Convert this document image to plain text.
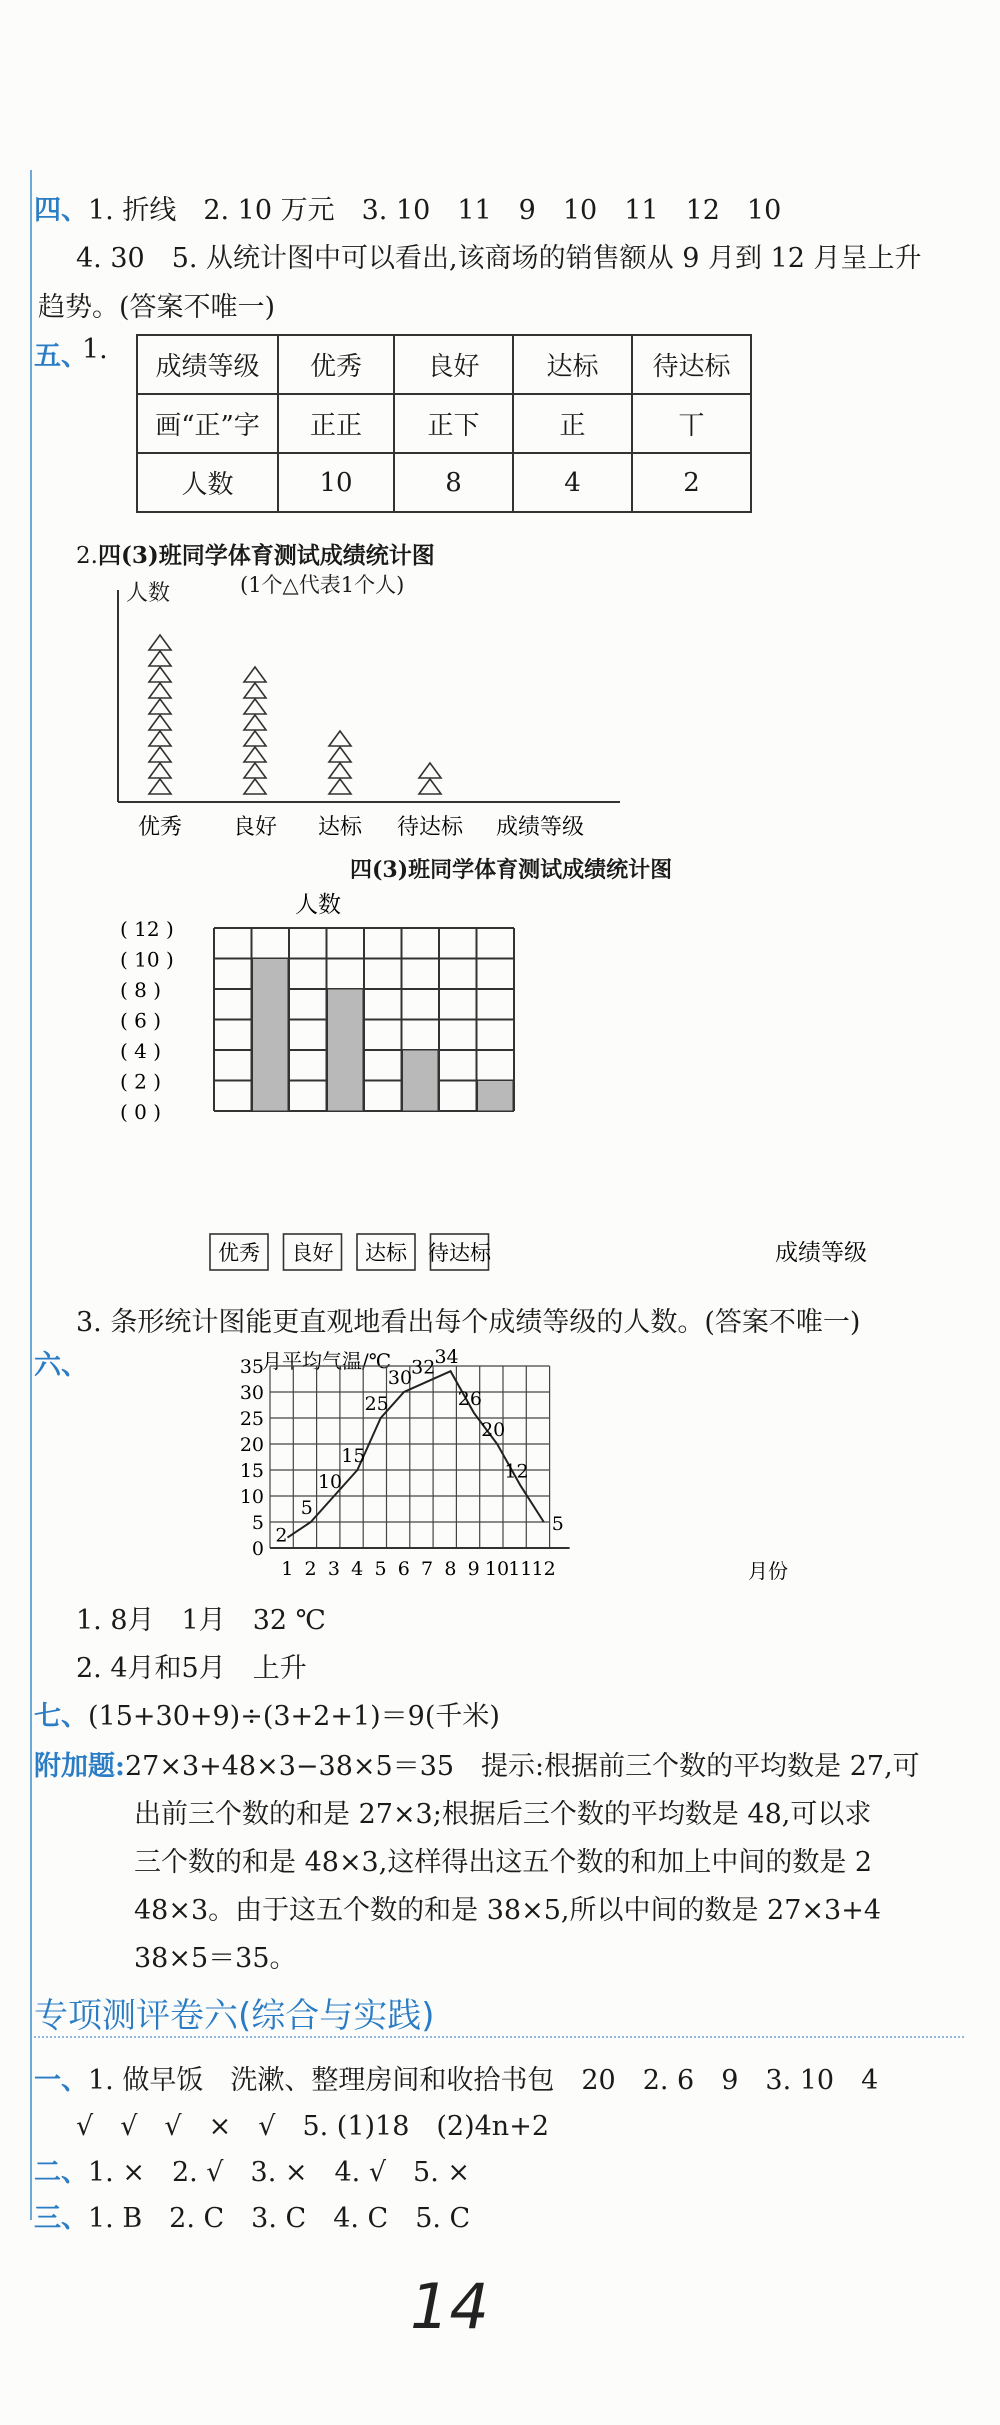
四、1. 折线　2. 10 万元　3. 10　11　9　10　11　12　10
4. 30　5. 从统计图中可以看出,该商场的销售额从 9 月到 12 月呈上升
趋势。(答案不唯一)
五、
1.
成绩等级	优秀	良好	达标	待达标
画“正”字	正正	正下	正	丅
人数	10	8	4	2
2.四(3)班同学体育测试成绩统计图
人数	(1个△代表1个人)
优秀 良好 达标 待达标 成绩等级
四(3)班同学体育测试成绩统计图
人数
( 0 )
( 2 )
( 4 )
( 6 )
( 8 )
( 10 )
( 12 )
优秀 良好 达标 待达标	成绩等级
3. 条形统计图能更直观地看出每个成绩等级的人数。(答案不唯一)
六、	月平均气温/℃
0
5
10
15
20
25
30
35
1 2 3 4 5 6 7 8 9 10 11 12
2
5
10
15
25
30 32 34
26
20
12
5
月份
1. 8月　1月　32 ℃
2. 4月和5月　上升
七、(15+30+9)÷(3+2+1)＝9(千米)
附加题:27×3+48×3−38×5＝35　提示:根据前三个数的平均数是 27,可
出前三个数的和是 27×3;根据后三个数的平均数是 48,可以求
三个数的和是 48×3,这样得出这五个数的和加上中间的数是 2
48×3。由于这五个数的和是 38×5,所以中间的数是 27×3+4
38×5＝35。
专项测评卷六(综合与实践)
一、1. 做早饭　洗漱、整理房间和收拾书包　20　2. 6　9　3. 10　4
√　√　√　×　√　5. (1)18　(2)4n+2
二、1. ×　2. √　3. ×　4. √　5. ×
三、1. B　2. C　3. C　4. C　5. C
14
